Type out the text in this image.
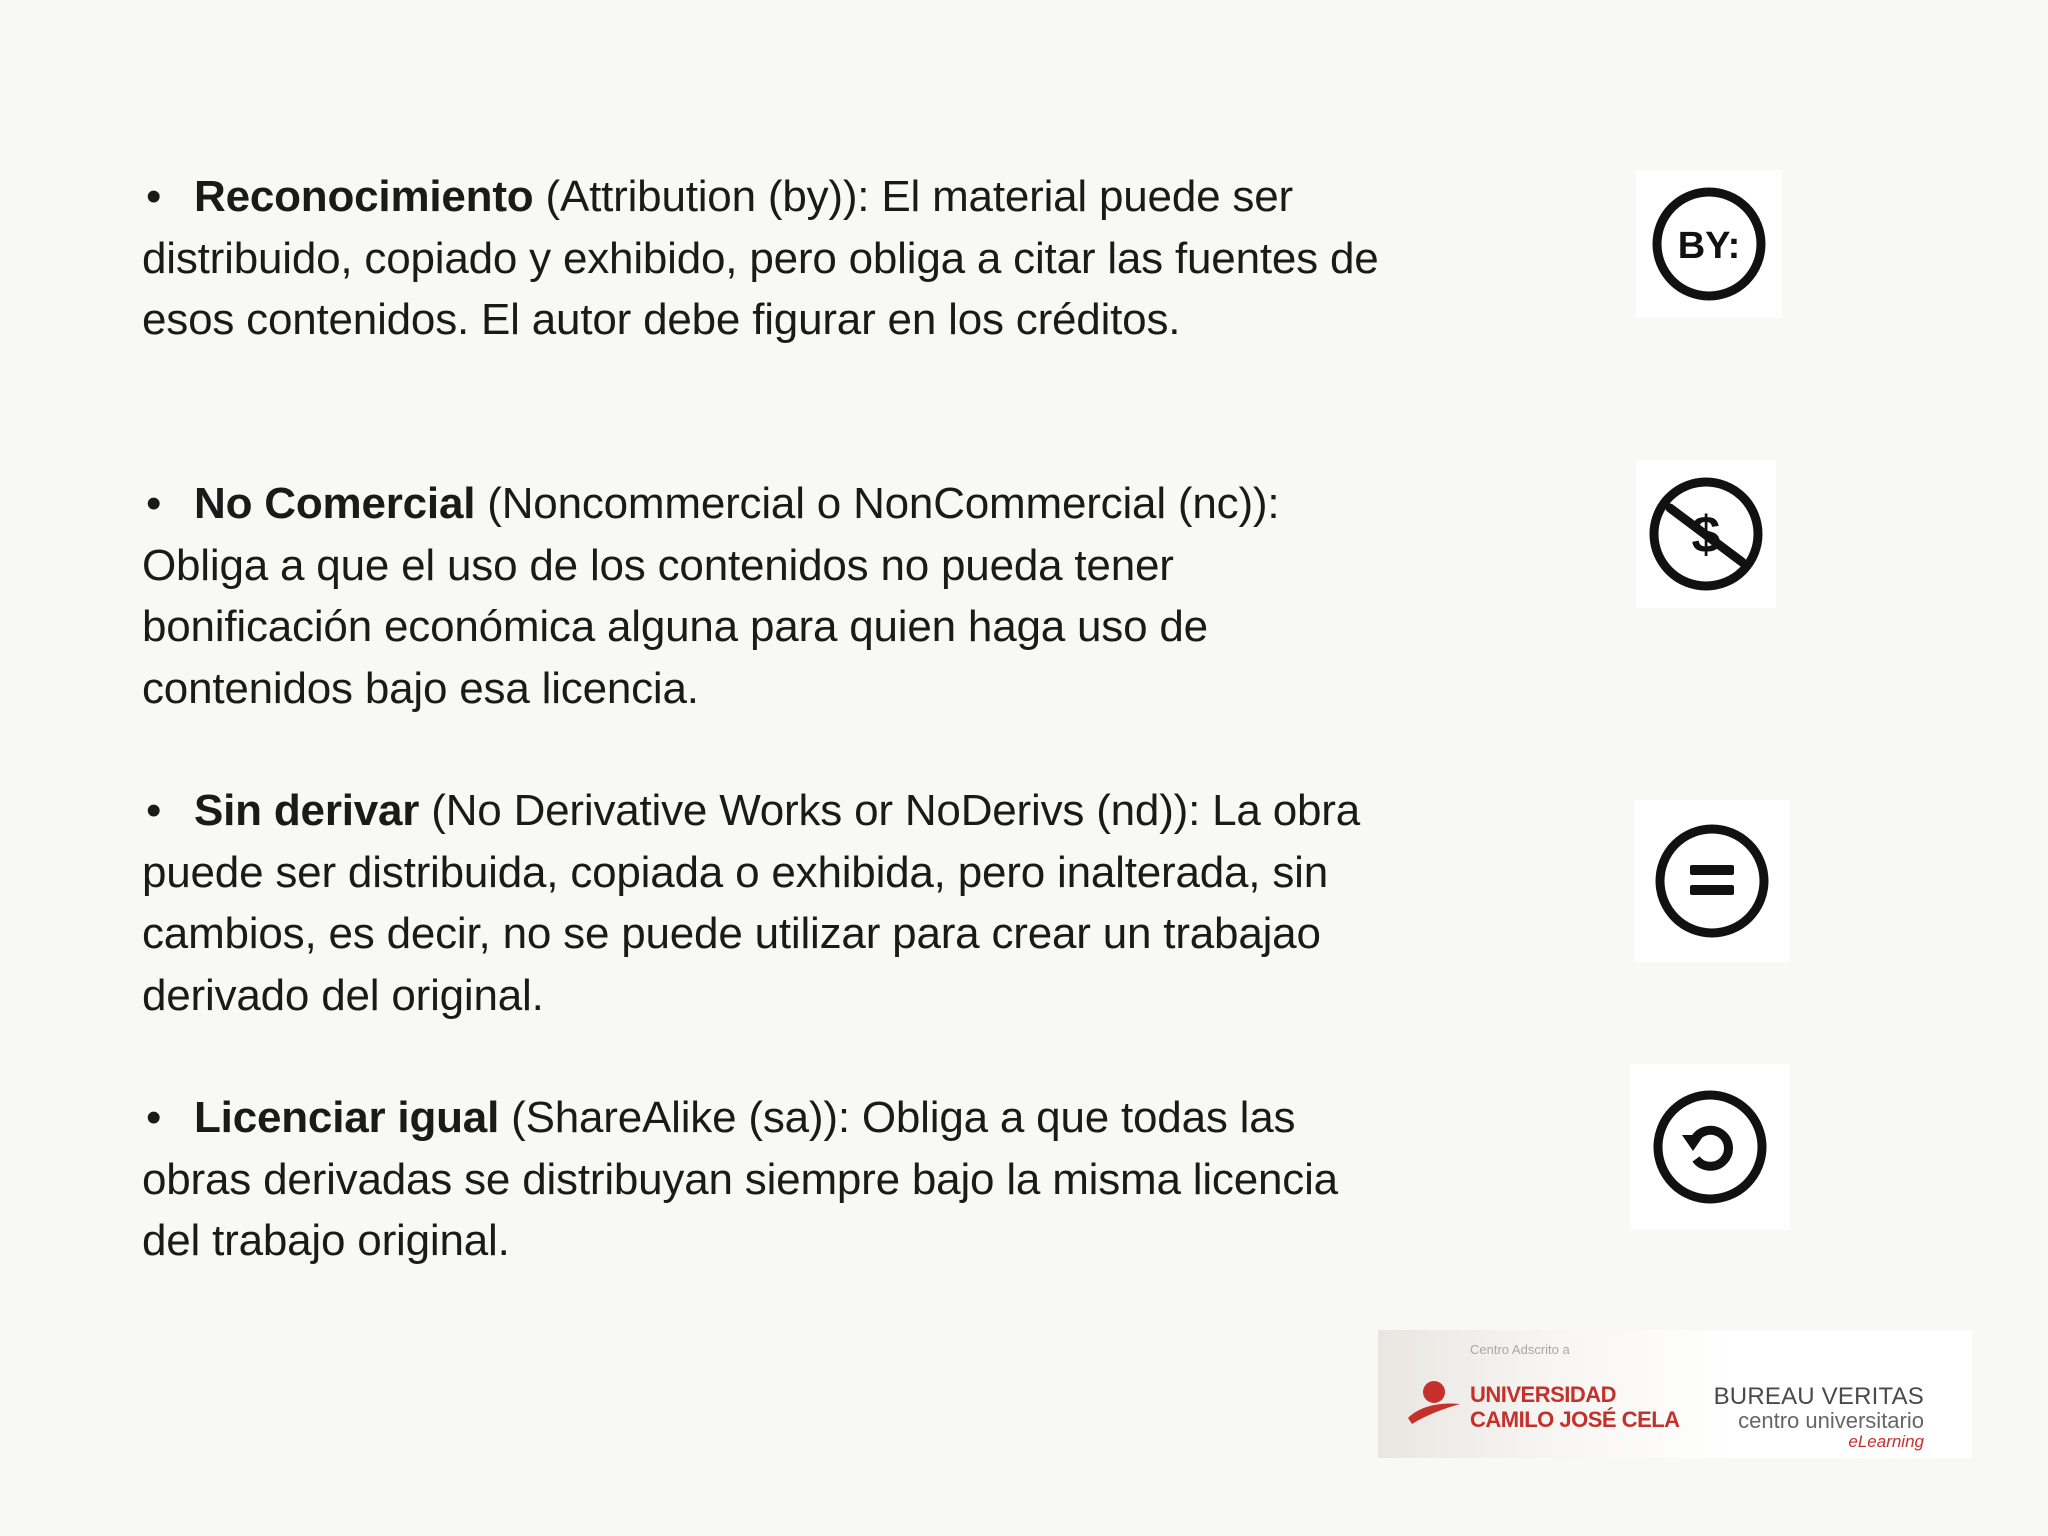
• Reconocimiento (Attribution (by)): El material puede ser distribuido, copiado y exhibido, pero obliga a citar las fuentes de esos contenidos. El autor debe figurar en los créditos.
• No Comercial (Noncommercial o NonCommercial (nc)): Obliga a que el uso de los contenidos no pueda tener bonificación económica alguna para quien haga uso de contenidos bajo esa licencia.
• Sin derivar (No Derivative Works or NoDerivs (nd)): La obra puede ser distribuida, copiada o exhibida, pero inalterada, sin cambios, es decir, no se puede utilizar para crear un trabajao derivado del original.
• Licenciar igual (ShareAlike (sa)): Obliga a que todas las obras derivadas se distribuyan siempre bajo la misma licencia del trabajo original.
BY:
$
Centro Adscrito a
UNIVERSIDAD
CAMILO JOSÉ CELA
BUREAU VERITAS
centro universitario
eLearning
